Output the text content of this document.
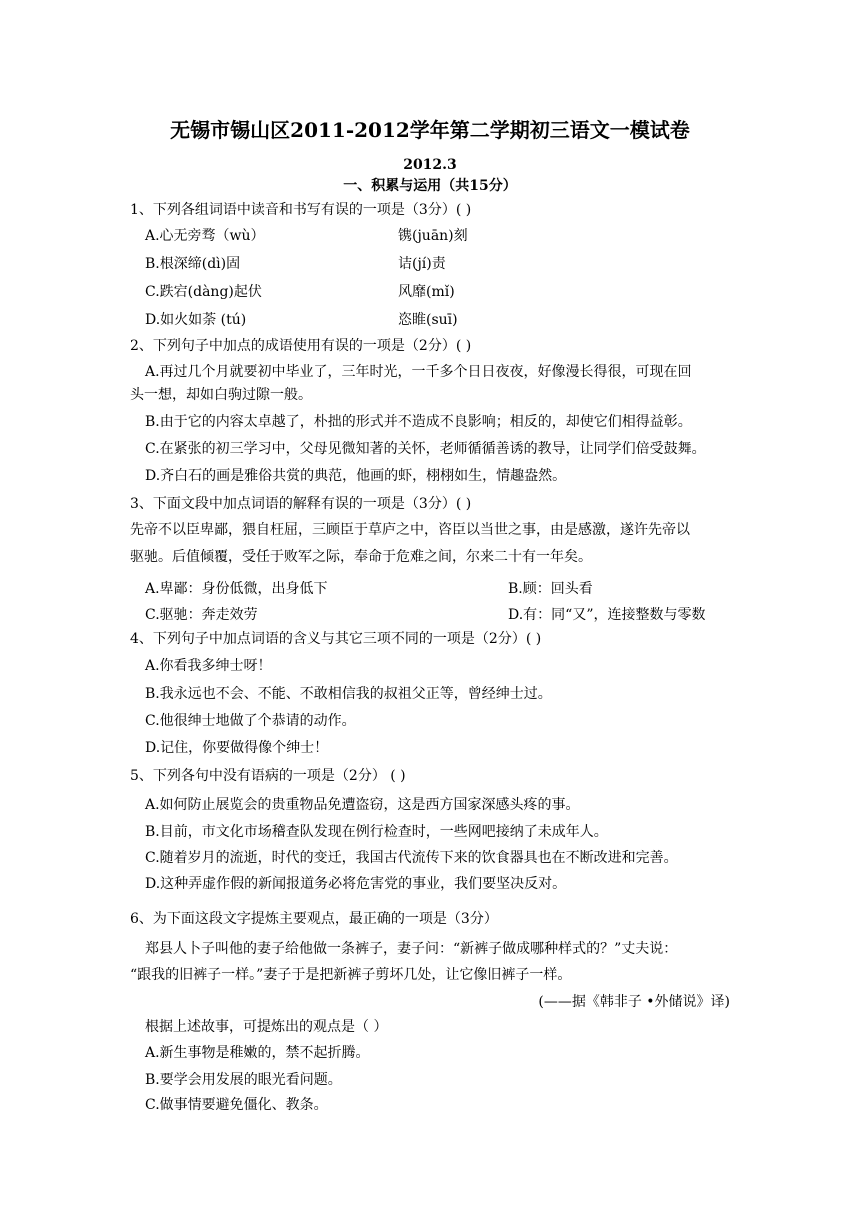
无锡市锡山区2011-2012学年第二学期初三语文一模试卷
2012.3
一、积累与运用（共15分）
1、下列各组词语中读音和书写有误的一项是（3分）( )
A.心无旁骛（wù）	镌(juān)刻
B.根深缔(dì)固	诘(jí)责
C.跌宕(dàng)起伏	风靡(mǐ)
D.如火如荼 (tú)	恣睢(suī)
2、下列句子中加点的成语使用有误的一项是（2分）( )
A.再过几个月就要初中毕业了，三年时光，一千多个日日夜夜，好像漫长得很，可现在回
头一想，却如白驹过隙一般。
B.由于它的内容太卓越了，朴拙的形式并不造成不良影响；相反的，却使它们相得益彰。
C.在紧张的初三学习中，父母见微知著的关怀，老师循循善诱的教导，让同学们倍受鼓舞。
D.齐白石的画是雅俗共赏的典范，他画的虾，栩栩如生，情趣盎然。
3、下面文段中加点词语的解释有误的一项是（3分）( )
先帝不以臣卑鄙，猥自枉屈，三顾臣于草庐之中，咨臣以当世之事，由是感激，遂许先帝以
驱驰。后值倾覆，受任于败军之际，奉命于危难之间，尔来二十有一年矣。
A.卑鄙：身份低微，出身低下	B.顾：回头看
C.驱驰：奔走效劳	D.有：同“又”，连接整数与零数
4、下列句子中加点词语的含义与其它三项不同的一项是（2分）( )
A.你看我多绅士呀！
B.我永远也不会、不能、不敢相信我的叔祖父正等，曾经绅士过。
C.他很绅士地做了个恭请的动作。
D.记住，你要做得像个绅士！
5、下列各句中没有语病的一项是（2分） ( )
A.如何防止展览会的贵重物品免遭盗窃，这是西方国家深感头疼的事。
B.目前，市文化市场稽查队发现在例行检查时，一些网吧接纳了未成年人。
C.随着岁月的流逝，时代的变迁，我国古代流传下来的饮食器具也在不断改进和完善。
D.这种弄虚作假的新闻报道务必将危害党的事业，我们要坚决反对。
6、为下面这段文字提炼主要观点，最正确的一项是（3分）
郑县人卜子叫他的妻子给他做一条裤子，妻子问：“新裤子做成哪种样式的？”丈夫说：
“跟我的旧裤子一样。”妻子于是把新裤子剪坏几处，让它像旧裤子一样。
(——据《韩非子 •外储说》译)
根据上述故事，可提炼出的观点是（ ）
A.新生事物是稚嫩的，禁不起折腾。
B.要学会用发展的眼光看问题。
C.做事情要避免僵化、教条。
